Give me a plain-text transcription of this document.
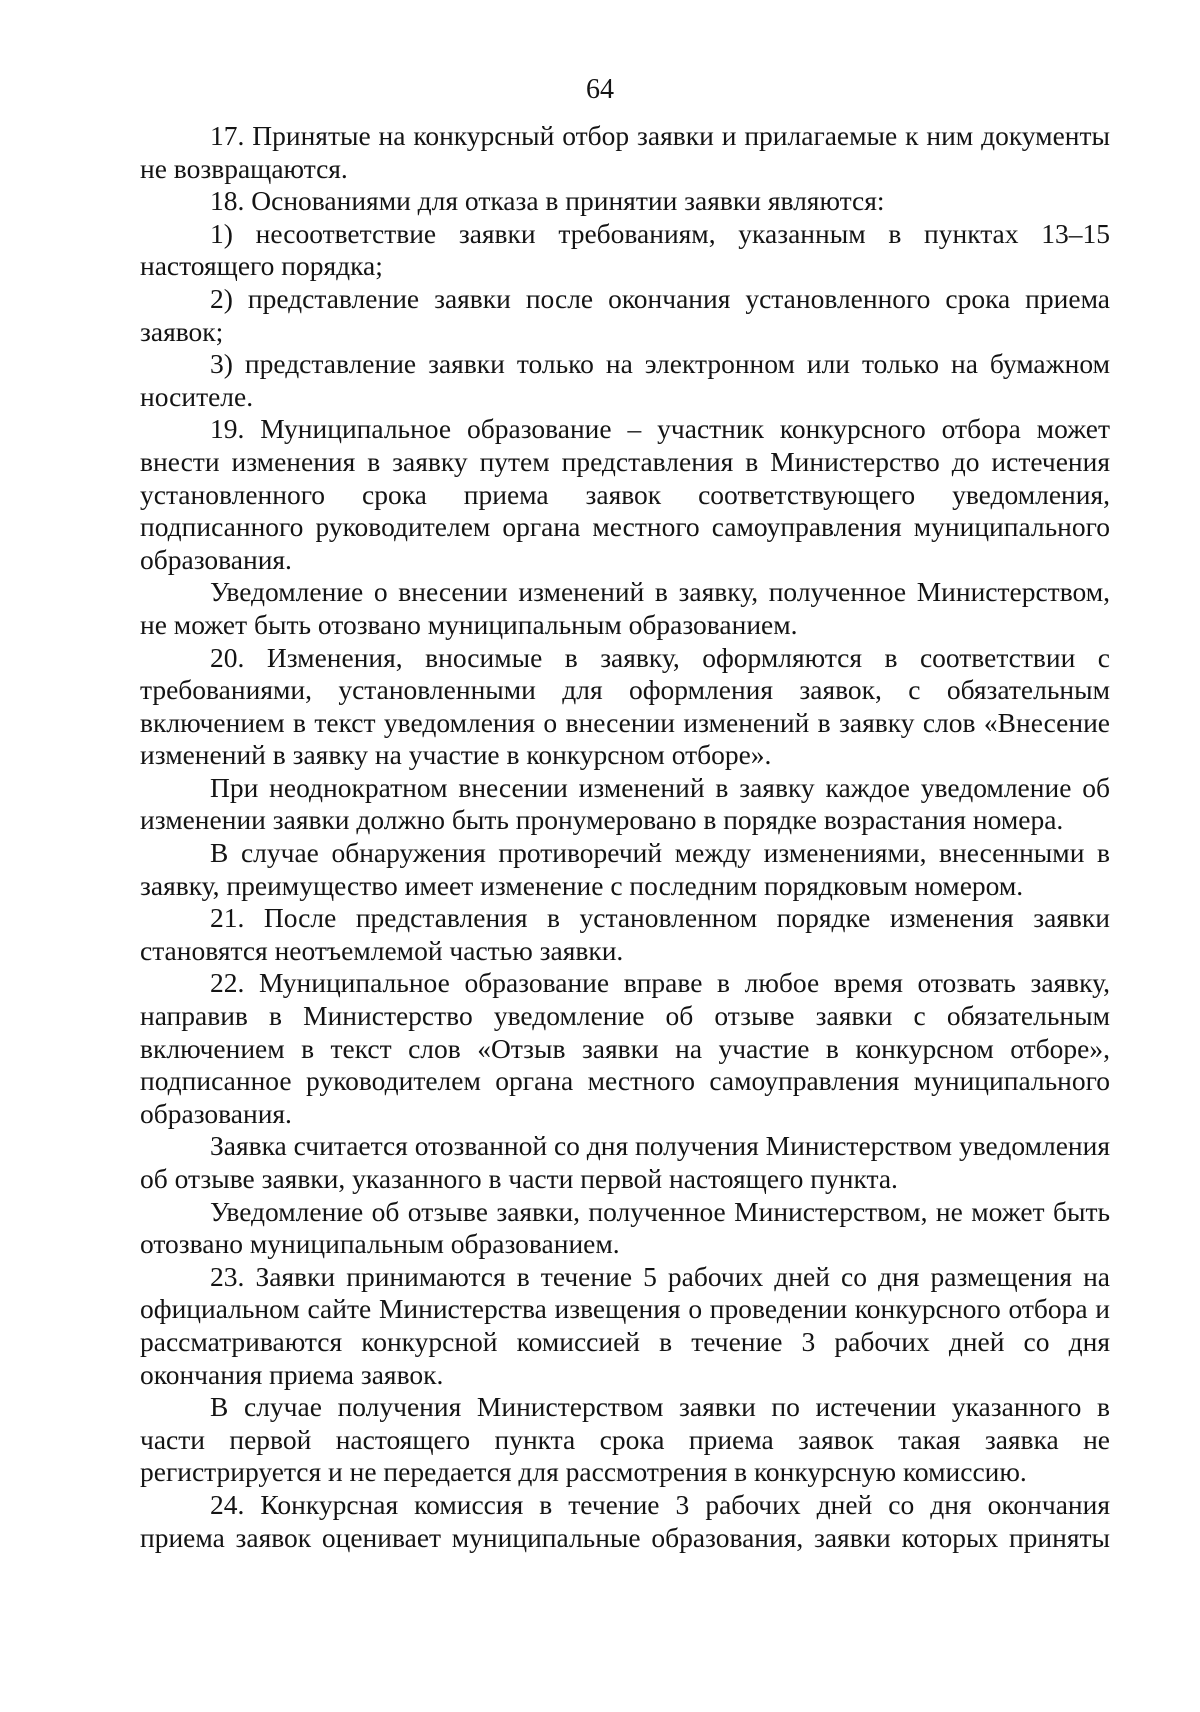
64

17. Принятые на конкурсный отбор заявки и прилагаемые к ним документы не возвращаются.

18. Основаниями для отказа в принятии заявки являются:

1) несоответствие заявки требованиям, указанным в пунктах 13–15 настоящего порядка;

2) представление заявки после окончания установленного срока приема заявок;

3) представление заявки только на электронном или только на бумажном носителе.

19. Муниципальное образование – участник конкурсного отбора может внести изменения в заявку путем представления в Министерство до истечения установленного срока приема заявок соответствующего уведомления, подписанного руководителем органа местного самоуправления муниципального образования.

Уведомление о внесении изменений в заявку, полученное Министерством, не может быть отозвано муниципальным образованием.

20. Изменения, вносимые в заявку, оформляются в соответствии с требованиями, установленными для оформления заявок, с обязательным включением в текст уведомления о внесении изменений в заявку слов «Внесение изменений в заявку на участие в конкурсном отборе».

При неоднократном внесении изменений в заявку каждое уведомление об изменении заявки должно быть пронумеровано в порядке возрастания номера.

В случае обнаружения противоречий между изменениями, внесенными в заявку, преимущество имеет изменение с последним порядковым номером.

21. После представления в установленном порядке изменения заявки становятся неотъемлемой частью заявки.

22. Муниципальное образование вправе в любое время отозвать заявку, направив в Министерство уведомление об отзыве заявки с обязательным включением в текст слов «Отзыв заявки на участие в конкурсном отборе», подписанное руководителем органа местного самоуправления муниципального образования.

Заявка считается отозванной со дня получения Министерством уведомления об отзыве заявки, указанного в части первой настоящего пункта.

Уведомление об отзыве заявки, полученное Министерством, не может быть отозвано муниципальным образованием.

23. Заявки принимаются в течение 5 рабочих дней со дня размещения на официальном сайте Министерства извещения о проведении конкурсного отбора и рассматриваются конкурсной комиссией в течение 3 рабочих дней со дня окончания приема заявок.

В случае получения Министерством заявки по истечении указанного в части первой настоящего пункта срока приема заявок такая заявка не регистрируется и не передается для рассмотрения в конкурсную комиссию.

24. Конкурсная комиссия в течение 3 рабочих дней со дня окончания приема заявок оценивает муниципальные образования, заявки которых приняты
